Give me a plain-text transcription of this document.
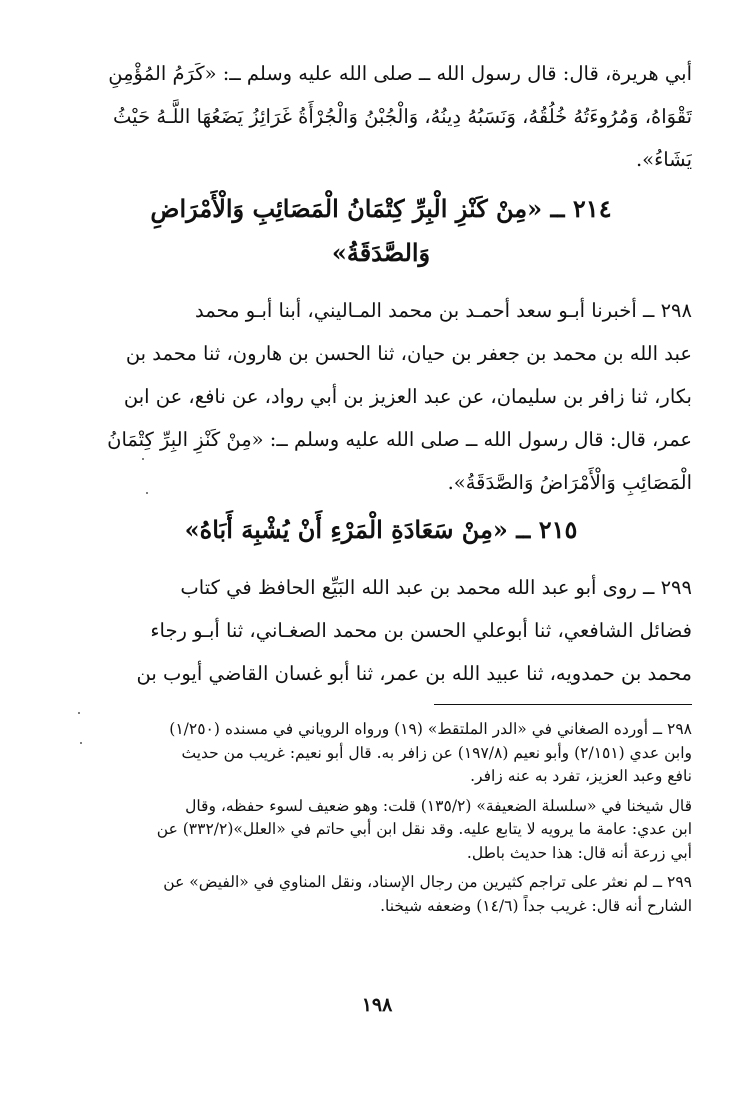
أبي هريرة، قال: قال رسول الله ــ صلى الله عليه وسلم ــ: «كَرَمُ المُؤْمِنِ
تَقْوَاهُ، وَمُرُوءَتُهُ خُلُقُهُ، وَنَسَبُهُ دِينُهُ، وَالْجُبْنُ وَالْجُرْأَةُ غَرَائِزُ يَضَعُهَا اللَّـهُ حَيْثُ
يَشَاءُ».

٢١٤ ــ «مِنْ كَنْزِ الْبِرِّ كِتْمَانُ الْمَصَائِبِ وَالْأَمْرَاضِ
وَالصَّدَقَةُ»

٢٩٨ ــ أخبرنا أبـو سعد أحمـد بن محمد المـاليني، أبنا أبـو محمد
عبد الله بن محمد بن جعفر بن حيان، ثنا الحسن بن هارون، ثنا محمد بن
بكار، ثنا زافر بن سليمان، عن عبد العزيز بن أبي رواد، عن نافع، عن ابن
عمر، قال: قال رسول الله ــ صلى الله عليه وسلم ــ: «مِنْ كَنْزِ البِرِّ كِتْمَانُ
الْمَصَائِبِ وَالْأَمْرَاضُ وَالصَّدَقَةُ».

٢١٥ ــ «مِنْ سَعَادَةِ الْمَرْءِ أَنْ يُشْبِهَ أَبَاهُ»

٢٩٩ ــ روى أبو عبد الله محمد بن عبد الله البَيِّع الحافظ في كتاب
فضائل الشافعي، ثنا أبوعلي الحسن بن محمد الصغـاني، ثنا أبـو رجاء
محمد بن حمدويه، ثنا عبيد الله بن عمر، ثنا أبو غسان القاضي أيوب بن

٢٩٨ ــ أورده الصغاني في «الدر الملتقط» (١٩) ورواه الروياني في مسنده (١/٢٥٠)
وابن عدي (٢/١٥١) وأبو نعيم (١٩٧/٨) عن زافر به. قال أبو نعيم: غريب من حديث
نافع وعبد العزيز، تفرد به عنه زافر.

قال شيخنا في «سلسلة الضعيفة» (١٣٥/٢) قلت: وهو ضعيف لسوء حفظه، وقال
ابن عدي: عامة ما يرويه لا يتابع عليه. وقد نقل ابن أبي حاتم في «العلل»(٣٣٢/٢) عن
أبي زرعة أنه قال: هذا حديث باطل.

٢٩٩ ــ لم نعثر على تراجم كثيرين من رجال الإسناد، ونقل المناوي في «الفيض» عن
الشارح أنه قال: غريب جداً (١٤/٦) وضعفه شيخنا.

١٩٨
